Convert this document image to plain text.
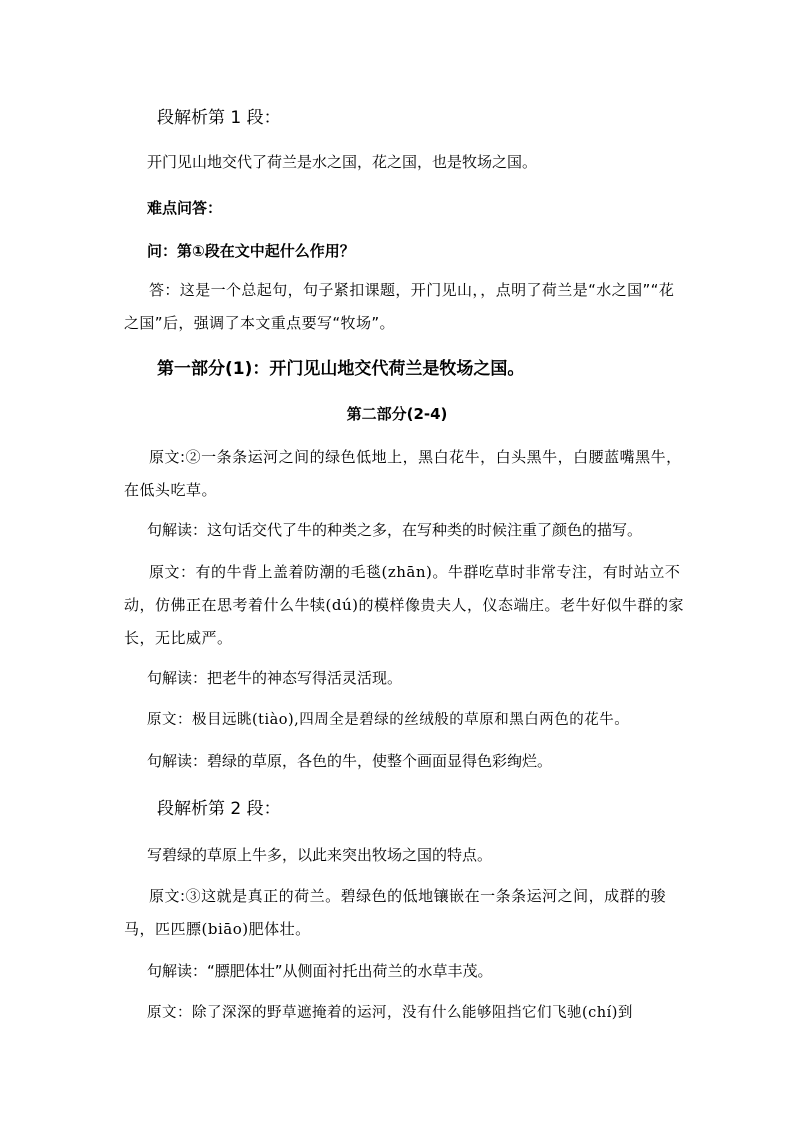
段解析第 1 段：

开门见山地交代了荷兰是水之国，花之国，也是牧场之国。

难点问答：

问：第①段在文中起什么作用？

答：这是一个总起句，句子紧扣课题，开门见山，，点明了荷兰是“水之国”“花之国”后，强调了本文重点要写“牧场”。

第一部分(1)：开门见山地交代荷兰是牧场之国。

第二部分(2-4)

原文:②一条条运河之间的绿色低地上，黑白花牛，白头黑牛，白腰蓝嘴黑牛，在低头吃草。

句解读：这句话交代了牛的种类之多，在写种类的时候注重了颜色的描写。

原文：有的牛背上盖着防潮的毛毯(zhān)。牛群吃草时非常专注，有时站立不动，仿佛正在思考着什么牛犊(dú)的模样像贵夫人，仪态端庄。老牛好似牛群的家长，无比威严。

句解读：把老牛的神态写得活灵活现。

原文：极目远眺(tiào),四周全是碧绿的丝绒般的草原和黑白两色的花牛。

句解读：碧绿的草原，各色的牛，使整个画面显得色彩绚烂。

段解析第 2 段：

写碧绿的草原上牛多，以此来突出牧场之国的特点。

原文:③这就是真正的荷兰。碧绿色的低地镶嵌在一条条运河之间，成群的骏马，匹匹膘(biāo)肥体壮。

句解读：“膘肥体壮”从侧面衬托出荷兰的水草丰茂。

原文：除了深深的野草遮掩着的运河，没有什么能够阻挡它们飞驰(chí)到
